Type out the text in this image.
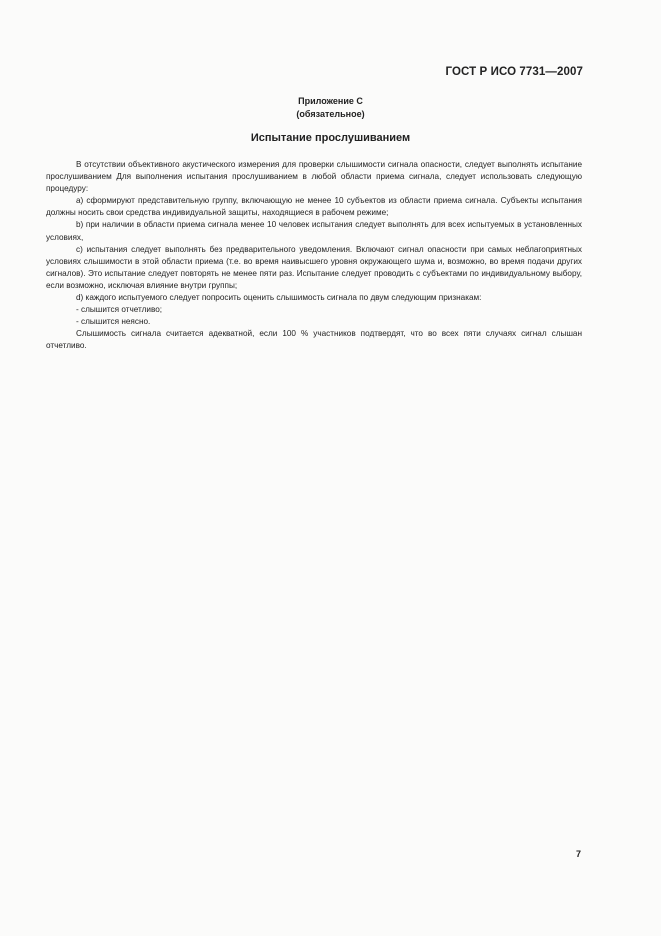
ГОСТ Р ИСО 7731—2007
Приложение С
(обязательное)
Испытание прослушиванием

В отсутствии объективного акустического измерения для проверки слышимости сигнала опасности, следует выполнять испытание прослушиванием Для выполнения испытания прослушиванием в любой области приема сигнала, следует использовать следующую процедуру:

а) сформируют представительную группу, включающую не менее 10 субъектов из области приема сигнала. Субъекты испытания должны носить свои средства индивидуальной защиты, находящиеся в рабочем режиме;

b) при наличии в области приема сигнала менее 10 человек испытания следует выполнять для всех испытуемых в установленных условиях,

с) испытания следует выполнять без предварительного уведомления. Включают сигнал опасности при самых неблагоприятных условиях слышимости в этой области приема (т.е. во время наивысшего уровня окружающего шума и, возможно, во время подачи других сигналов). Это испытание следует повторять не менее пяти раз. Испытание следует проводить с субъектами по индивидуальному выбору, если возможно, исключая влияние внутри группы;

d) каждого испытуемого следует попросить оценить слышимость сигнала по двум следующим признакам:

- слышится отчетливо;

- слышится неясно.

Слышимость сигнала считается адекватной, если 100 % участников подтвердят, что во всех пяти случаях сигнал слышан отчетливо.

7
